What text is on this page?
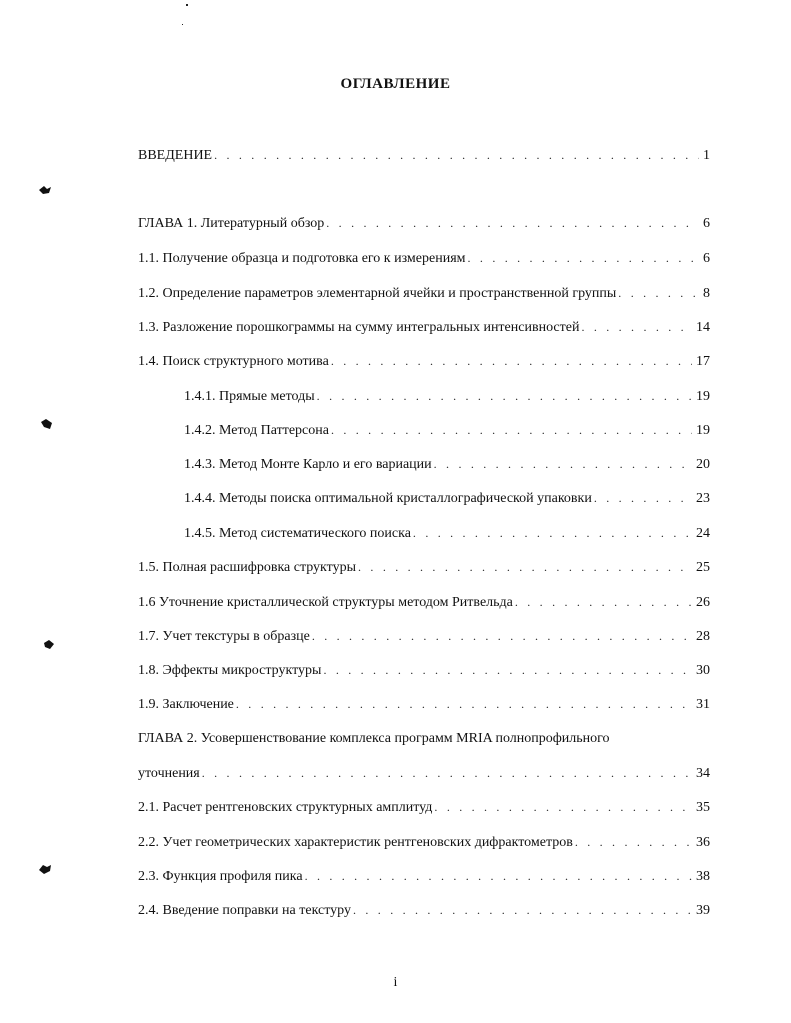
ОГЛАВЛЕНИЕ
ВВЕДЕНИЕ . . .	1
ГЛАВА 1. Литературный обзор . . .	6
1.1. Получение образца и подготовка его к измерениям . . .	6
1.2. Определение параметров элементарной ячейки и пространственной группы . . .	8
1.3. Разложение порошкограммы на сумму интегральных интенсивностей . . .	14
1.4. Поиск структурного мотива . . .	17
1.4.1. Прямые методы . . .	19
1.4.2. Метод Паттерсона . . .	19
1.4.3. Метод Монте Карло и его вариации . . .	20
1.4.4. Методы поиска оптимальной кристаллографической упаковки . . .	23
1.4.5. Метод систематического поиска . . .	24
1.5. Полная расшифровка структуры . . .	25
1.6 Уточнение кристаллической структуры методом Ритвельда . . .	26
1.7. Учет текстуры в образце . . .	28
1.8. Эффекты микроструктуры . . .	30
1.9. Заключение . . .	31
ГЛАВА 2. Усовершенствование комплекса программ MRIA полнопрофильного
уточнения . . .	34
2.1. Расчет рентгеновских структурных амплитуд . . .	35
2.2. Учет геометрических характеристик рентгеновских дифрактометров . . .	36
2.3. Функция профиля пика . . .	38
2.4. Введение поправки на текстуру . . .	39
i
